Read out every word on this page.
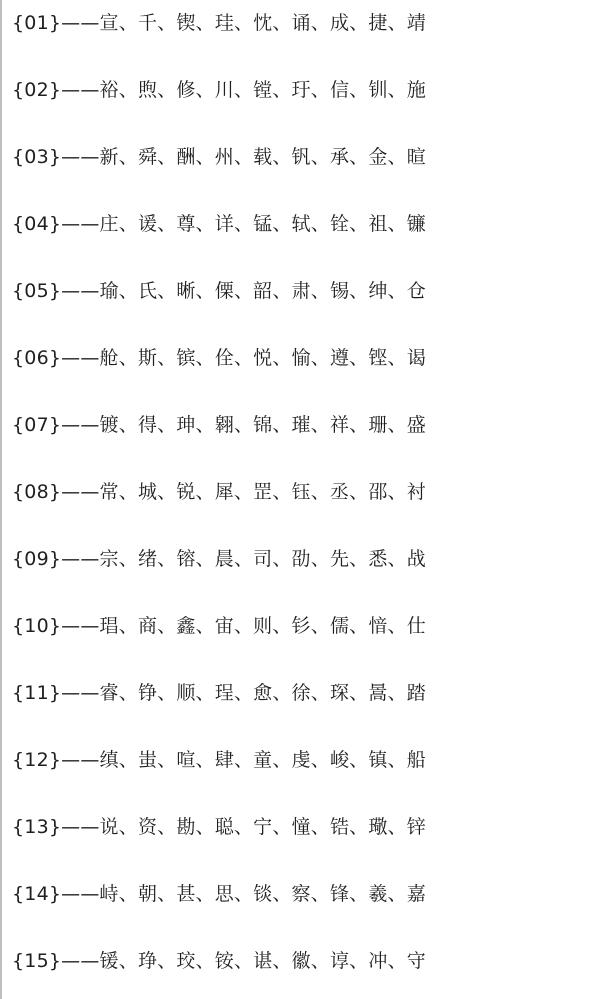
{01}——宣、千、锲、珪、忱、诵、成、捷、靖
{02}——裕、煦、修、川、镗、玗、信、钏、施
{03}——新、舜、酬、州、载、钒、承、金、暄
{04}——庄、谖、尊、详、锰、轼、铨、祖、镰
{05}——瑜、氏、晰、傈、韶、肃、锡、绅、仓
{06}——舱、斯、镔、佺、悦、愉、遵、铿、谒
{07}——镀、得、珅、翱、锦、璀、祥、珊、盛
{08}——常、城、锐、犀、罡、钰、丞、邵、衬
{09}——宗、绪、镕、晨、司、劭、先、悉、战
{10}——琩、商、鑫、宙、则、钐、儒、愔、仕
{11}——睿、铮、顺、珵、愈、徐、琛、暠、踏
{12}——缜、蚩、喧、肆、童、虔、峻、镇、船
{13}——说、资、勘、聪、宁、憧、锆、璥、锌
{14}——峙、朝、甚、思、锬、察、锋、羲、嘉
{15}——锾、琤、珓、铵、谌、徽、谆、冲、守
